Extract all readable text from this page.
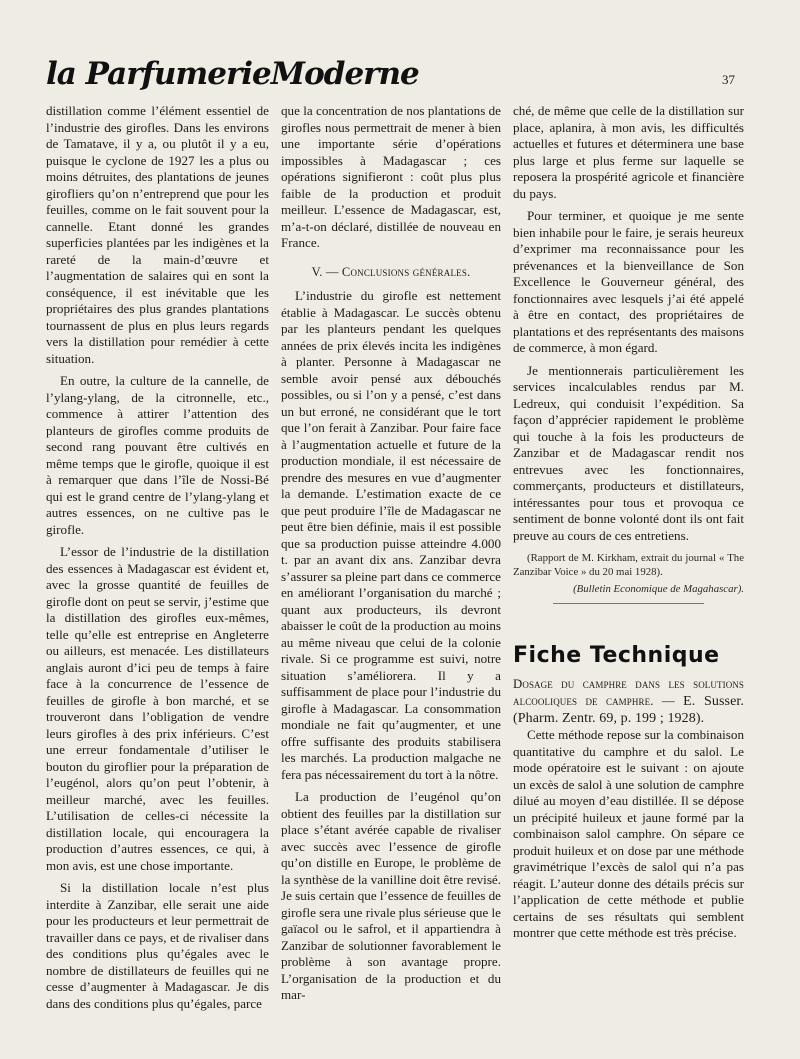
la ParfumerieModerne	37

distillation comme l’élément essentiel de l’industrie des girofles. Dans les environs de Tamatave, il y a, ou plutôt il y a eu, puisque le cyclone de 1927 les a plus ou moins détruites, des plantations de jeunes girofliers qu’on n’entreprend que pour les feuilles, comme on le fait souvent pour la cannelle. Etant donné les grandes superficies plantées par les indigènes et la rareté de la main-d’œuvre et l’augmentation de salaires qui en sont la conséquence, il est inévitable que les propriétaires des plus grandes plantations tournassent de plus en plus leurs regards vers la distillation pour remédier à cette situation.

En outre, la culture de la cannelle, de l’ylang-ylang, de la citronnelle, etc., commence à attirer l’attention des planteurs de girofles comme produits de second rang pouvant être cultivés en même temps que le girofle, quoique il est à remarquer que dans l’île de Nossi-Bé qui est le grand centre de l’ylang-ylang et autres essences, on ne cultive pas le girofle.

L’essor de l’industrie de la distillation des essences à Madagascar est évident et, avec la grosse quantité de feuilles de girofle dont on peut se servir, j’estime que la distillation des girofles eux-mêmes, telle qu’elle est entreprise en Angleterre ou ailleurs, est menacée. Les distillateurs anglais auront d’ici peu de temps à faire face à la concurrence de l’essence de feuilles de girofle à bon marché, et se trouveront dans l’obligation de vendre leurs girofles à des prix inférieurs. C’est une erreur fondamentale d’utiliser le bouton du giroflier pour la préparation de l’eugénol, alors qu’on peut l’obtenir, à meilleur marché, avec les feuilles. L’utilisation de celles-ci nécessite la distillation locale, qui encouragera la production d’autres essences, ce qui, à mon avis, est une chose importante.

Si la distillation locale n’est plus interdite à Zanzibar, elle serait une aide pour les producteurs et leur permettrait de travailler dans ce pays, et de rivaliser dans des conditions plus qu’égales avec le nombre de distillateurs de feuilles qui ne cesse d’augmenter à Madagascar. Je dis dans des conditions plus qu’égales, parce

que la concentration de nos plantations de girofles nous permettrait de mener à bien une importante série d’opérations impossibles à Madagascar ; ces opérations signifieront : coût plus plus faible de la production et produit meilleur. L’essence de Madagascar, est, m’a-t-on déclaré, distillée de nouveau en France.

V. — Conclusions générales.

L’industrie du girofle est nettement établie à Madagascar. Le succès obtenu par les planteurs pendant les quelques années de prix élevés incita les indigènes à planter. Personne à Madagascar ne semble avoir pensé aux débouchés possibles, ou si l’on y a pensé, c’est dans un but erroné, ne considérant que le tort que l’on ferait à Zanzibar. Pour faire face à l’augmentation actuelle et future de la production mondiale, il est nécessaire de prendre des mesures en vue d’augmenter la demande. L’estimation exacte de ce que peut produire l’île de Madagascar ne peut être bien définie, mais il est possible que sa production puisse atteindre 4.000 t. par an avant dix ans. Zanzibar devra s’assurer sa pleine part dans ce commerce en améliorant l’organisation du marché ; quant aux producteurs, ils devront abaisser le coût de la production au moins au même niveau que celui de la colonie rivale. Si ce programme est suivi, notre situation s’améliorera. Il y a suffisamment de place pour l’industrie du girofle à Madagascar. La consommation mondiale ne fait qu’augmenter, et une offre suffisante des produits stabilisera les marchés. La production malgache ne fera pas nécessairement du tort à la nôtre.

La production de l’eugénol qu’on obtient des feuilles par la distillation sur place s’étant avérée capable de rivaliser avec succès avec l’essence de girofle qu’on distille en Europe, le problème de la synthèse de la vanilline doit être revisé. Je suis certain que l’essence de feuilles de girofle sera une rivale plus sérieuse que le gaïacol ou le safrol, et il appartiendra à Zanzibar de solutionner favorablement le problème à son avantage propre. L’organisation de la production et du mar-

ché, de même que celle de la distillation sur place, aplanira, à mon avis, les difficultés actuelles et futures et déterminera une base plus large et plus ferme sur laquelle se reposera la prospérité agricole et financière du pays.

Pour terminer, et quoique je me sente bien inhabile pour le faire, je serais heureux d’exprimer ma reconnaissance pour les prévenances et la bienveillance de Son Excellence le Gouverneur général, des fonctionnaires avec lesquels j’ai été appelé à être en contact, des propriétaires de plantations et des représentants des maisons de commerce, à mon égard.

Je mentionnerais particulièrement les services incalculables rendus par M. Ledreux, qui conduisit l’expédition. Sa façon d’apprécier rapidement le problème qui touche à la fois les producteurs de Zanzibar et de Madagascar rendit nos entrevues avec les fonctionnaires, commerçants, producteurs et distillateurs, intéressantes pour tous et provoqua ce sentiment de bonne volonté dont ils ont fait preuve au cours de ces entretiens.

(Rapport de M. Kirkham, extrait du journal « The Zanzibar Voice » du 20 mai 1928).

(Bulletin Economique de Magahascar).

Fiche Technique

Dosage du camphre dans les solutions alcooliques de camphre. — E. Susser. (Pharm. Zentr. 69, p. 199 ; 1928).

Cette méthode repose sur la combinaison quantitative du camphre et du salol. Le mode opératoire est le suivant : on ajoute un excès de salol à une solution de camphre dilué au moyen d’eau distillée. Il se dépose un précipité huileux et jaune formé par la combinaison salol camphre. On sépare ce produit huileux et on dose par une méthode gravimétrique l’excès de salol qui n’a pas réagit. L’auteur donne des détails précis sur l’application de cette méthode et publie certains de ses résultats qui semblent montrer que cette méthode est très précise.
